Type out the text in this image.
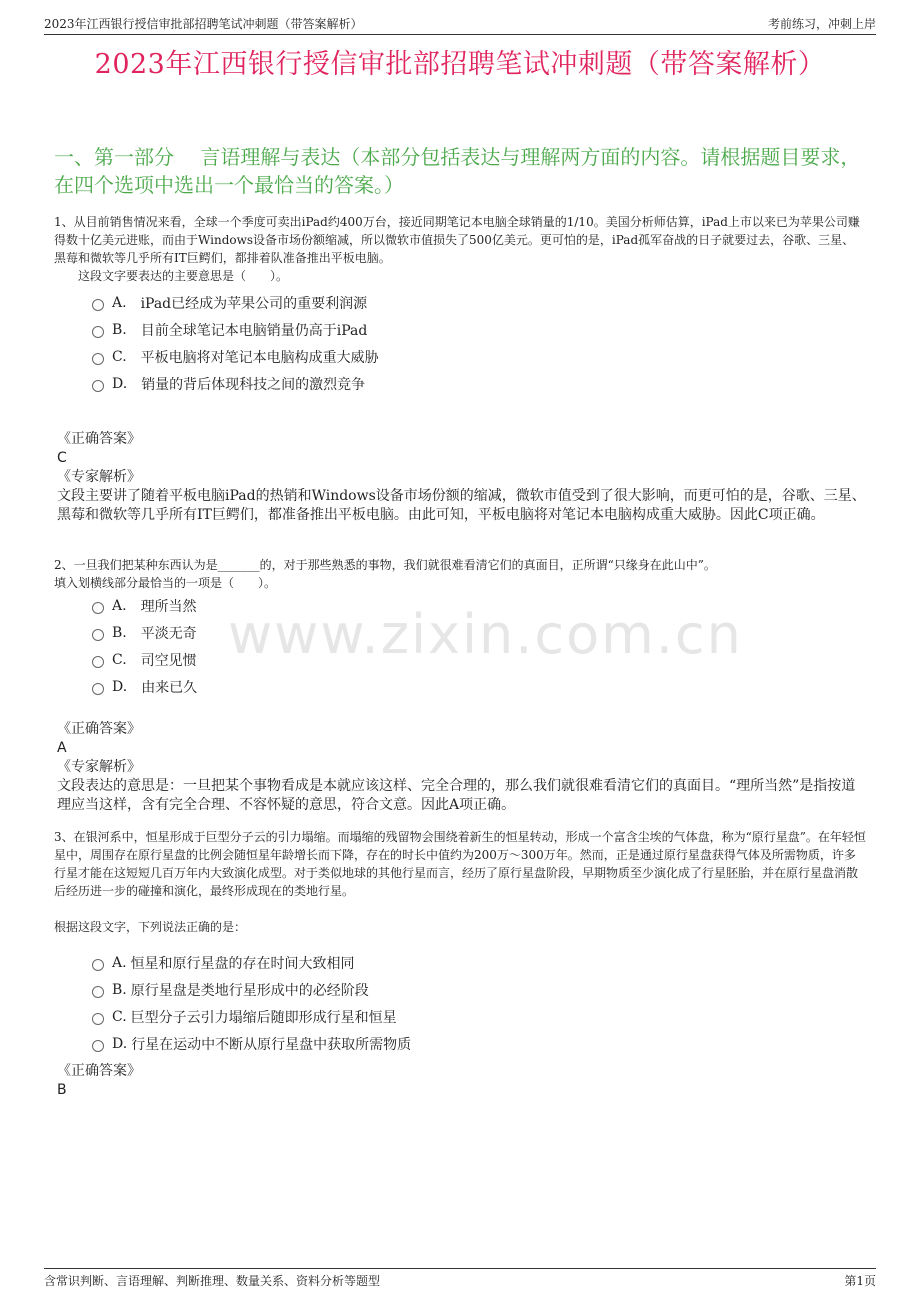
2023年江西银行授信审批部招聘笔试冲刺题（带答案解析）	考前练习，冲刺上岸
2023年江西银行授信审批部招聘笔试冲刺题（带答案解析）
一、第一部分　 言语理解与表达（本部分包括表达与理解两方面的内容。请根据题目要求，在四个选项中选出一个最恰当的答案。）
www.zixin.com.cn

1、从目前销售情况来看，全球一个季度可卖出iPad约400万台，接近同期笔记本电脑全球销量的1/10。美国分析师估算，iPad上市以来已为苹果公司赚得数十亿美元进账，而由于Windows设备市场份额缩减，所以微软市值损失了500亿美元。更可怕的是，iPad孤军奋战的日子就要过去，谷歌、三星、黑莓和微软等几乎所有IT巨鳄们，都排着队准备推出平板电脑。

这段文字要表达的主要意思是（　　）。

A. iPad已经成为苹果公司的重要利润源
B. 目前全球笔记本电脑销量仍高于iPad
C. 平板电脑将对笔记本电脑构成重大威胁
D. 销量的背后体现科技之间的激烈竞争

《正确答案》

C

《专家解析》

文段主要讲了随着平板电脑iPad的热销和Windows设备市场份额的缩减，微软市值受到了很大影响，而更可怕的是，谷歌、三星、黑莓和微软等几乎所有IT巨鳄们，都准备推出平板电脑。由此可知，平板电脑将对笔记本电脑构成重大威胁。因此C项正确。

2、一旦我们把某种东西认为是_______的，对于那些熟悉的事物，我们就很难看清它们的真面目，正所谓“只缘身在此山中”。

填入划横线部分最恰当的一项是（　　）。

A. 理所当然
B. 平淡无奇
C. 司空见惯
D. 由来已久

《正确答案》

A

《专家解析》

文段表达的意思是：一旦把某个事物看成是本就应该这样、完全合理的，那么我们就很难看清它们的真面目。“理所当然”是指按道理应当这样，含有完全合理、不容怀疑的意思，符合文意。因此A项正确。

3、在银河系中，恒星形成于巨型分子云的引力塌缩。而塌缩的残留物会围绕着新生的恒星转动，形成一个富含尘埃的气体盘，称为“原行星盘”。在年轻恒星中，周围存在原行星盘的比例会随恒星年龄增长而下降，存在的时长中值约为200万～300万年。然而，正是通过原行星盘获得气体及所需物质，许多行星才能在这短短几百万年内大致演化成型。对于类似地球的其他行星而言，经历了原行星盘阶段，早期物质至少演化成了行星胚胎，并在原行星盘消散后经历进一步的碰撞和演化，最终形成现在的类地行星。

根据这段文字，下列说法正确的是：

A. 恒星和原行星盘的存在时间大致相同
B. 原行星盘是类地行星形成中的必经阶段
C. 巨型分子云引力塌缩后随即形成行星和恒星
D. 行星在运动中不断从原行星盘中获取所需物质

《正确答案》

B

含常识判断、言语理解、判断推理、数量关系、资料分析等题型	第1页
